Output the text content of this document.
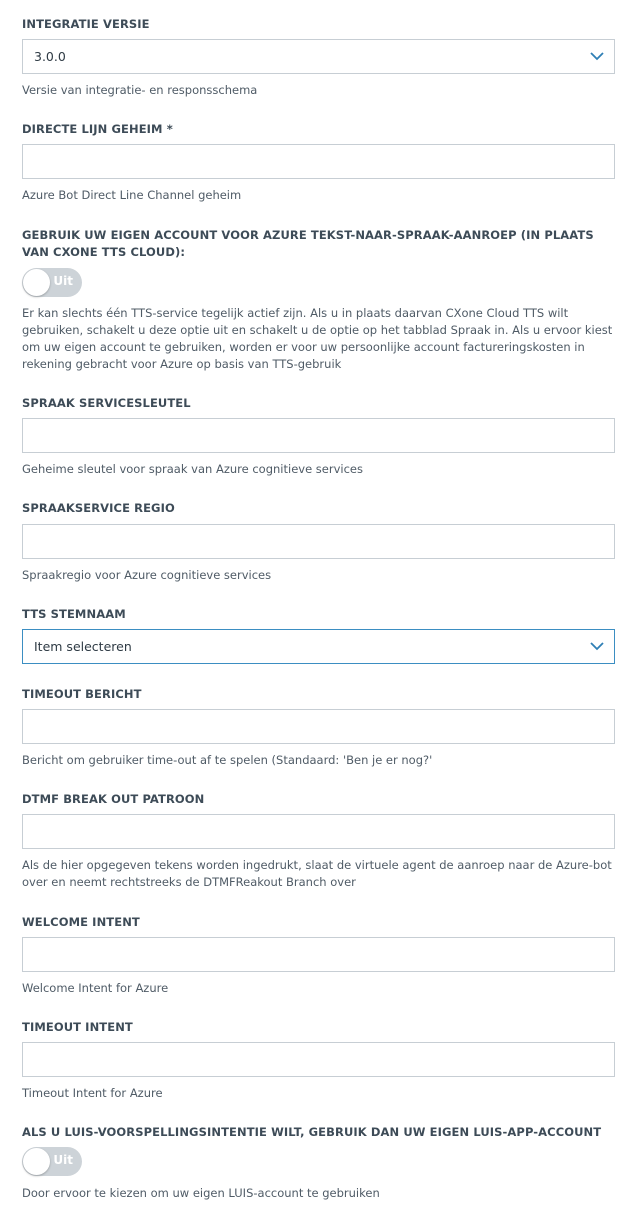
INTEGRATIE VERSIE
3.0.0
Versie van integratie- en responsschema
DIRECTE LIJN GEHEIM *
Azure Bot Direct Line Channel geheim
GEBRUIK UW EIGEN ACCOUNT VOOR AZURE TEKST-NAAR-SPRAAK-AANROEP (IN PLAATS VAN CXONE TTS CLOUD):
Uit
Er kan slechts één TTS-service tegelijk actief zijn. Als u in plaats daarvan CXone Cloud TTS wilt gebruiken, schakelt u deze optie uit en schakelt u de optie op het tabblad Spraak in. Als u ervoor kiest om uw eigen account te gebruiken, worden er voor uw persoonlijke account factureringskosten in rekening gebracht voor Azure op basis van TTS-gebruik
SPRAAK SERVICESLEUTEL
Geheime sleutel voor spraak van Azure cognitieve services
SPRAAKSERVICE REGIO
Spraakregio voor Azure cognitieve services
TTS STEMNAAM
Item selecteren
TIMEOUT BERICHT
Bericht om gebruiker time-out af te spelen (Standaard: 'Ben je er nog?'
DTMF BREAK OUT PATROON
Als de hier opgegeven tekens worden ingedrukt, slaat de virtuele agent de aanroep naar de Azure-bot over en neemt rechtstreeks de DTMFReakout Branch over
WELCOME INTENT
Welcome Intent for Azure
TIMEOUT INTENT
Timeout Intent for Azure
ALS U LUIS-VOORSPELLINGSINTENTIE WILT, GEBRUIK DAN UW EIGEN LUIS-APP-ACCOUNT
Uit
Door ervoor te kiezen om uw eigen LUIS-account te gebruiken
